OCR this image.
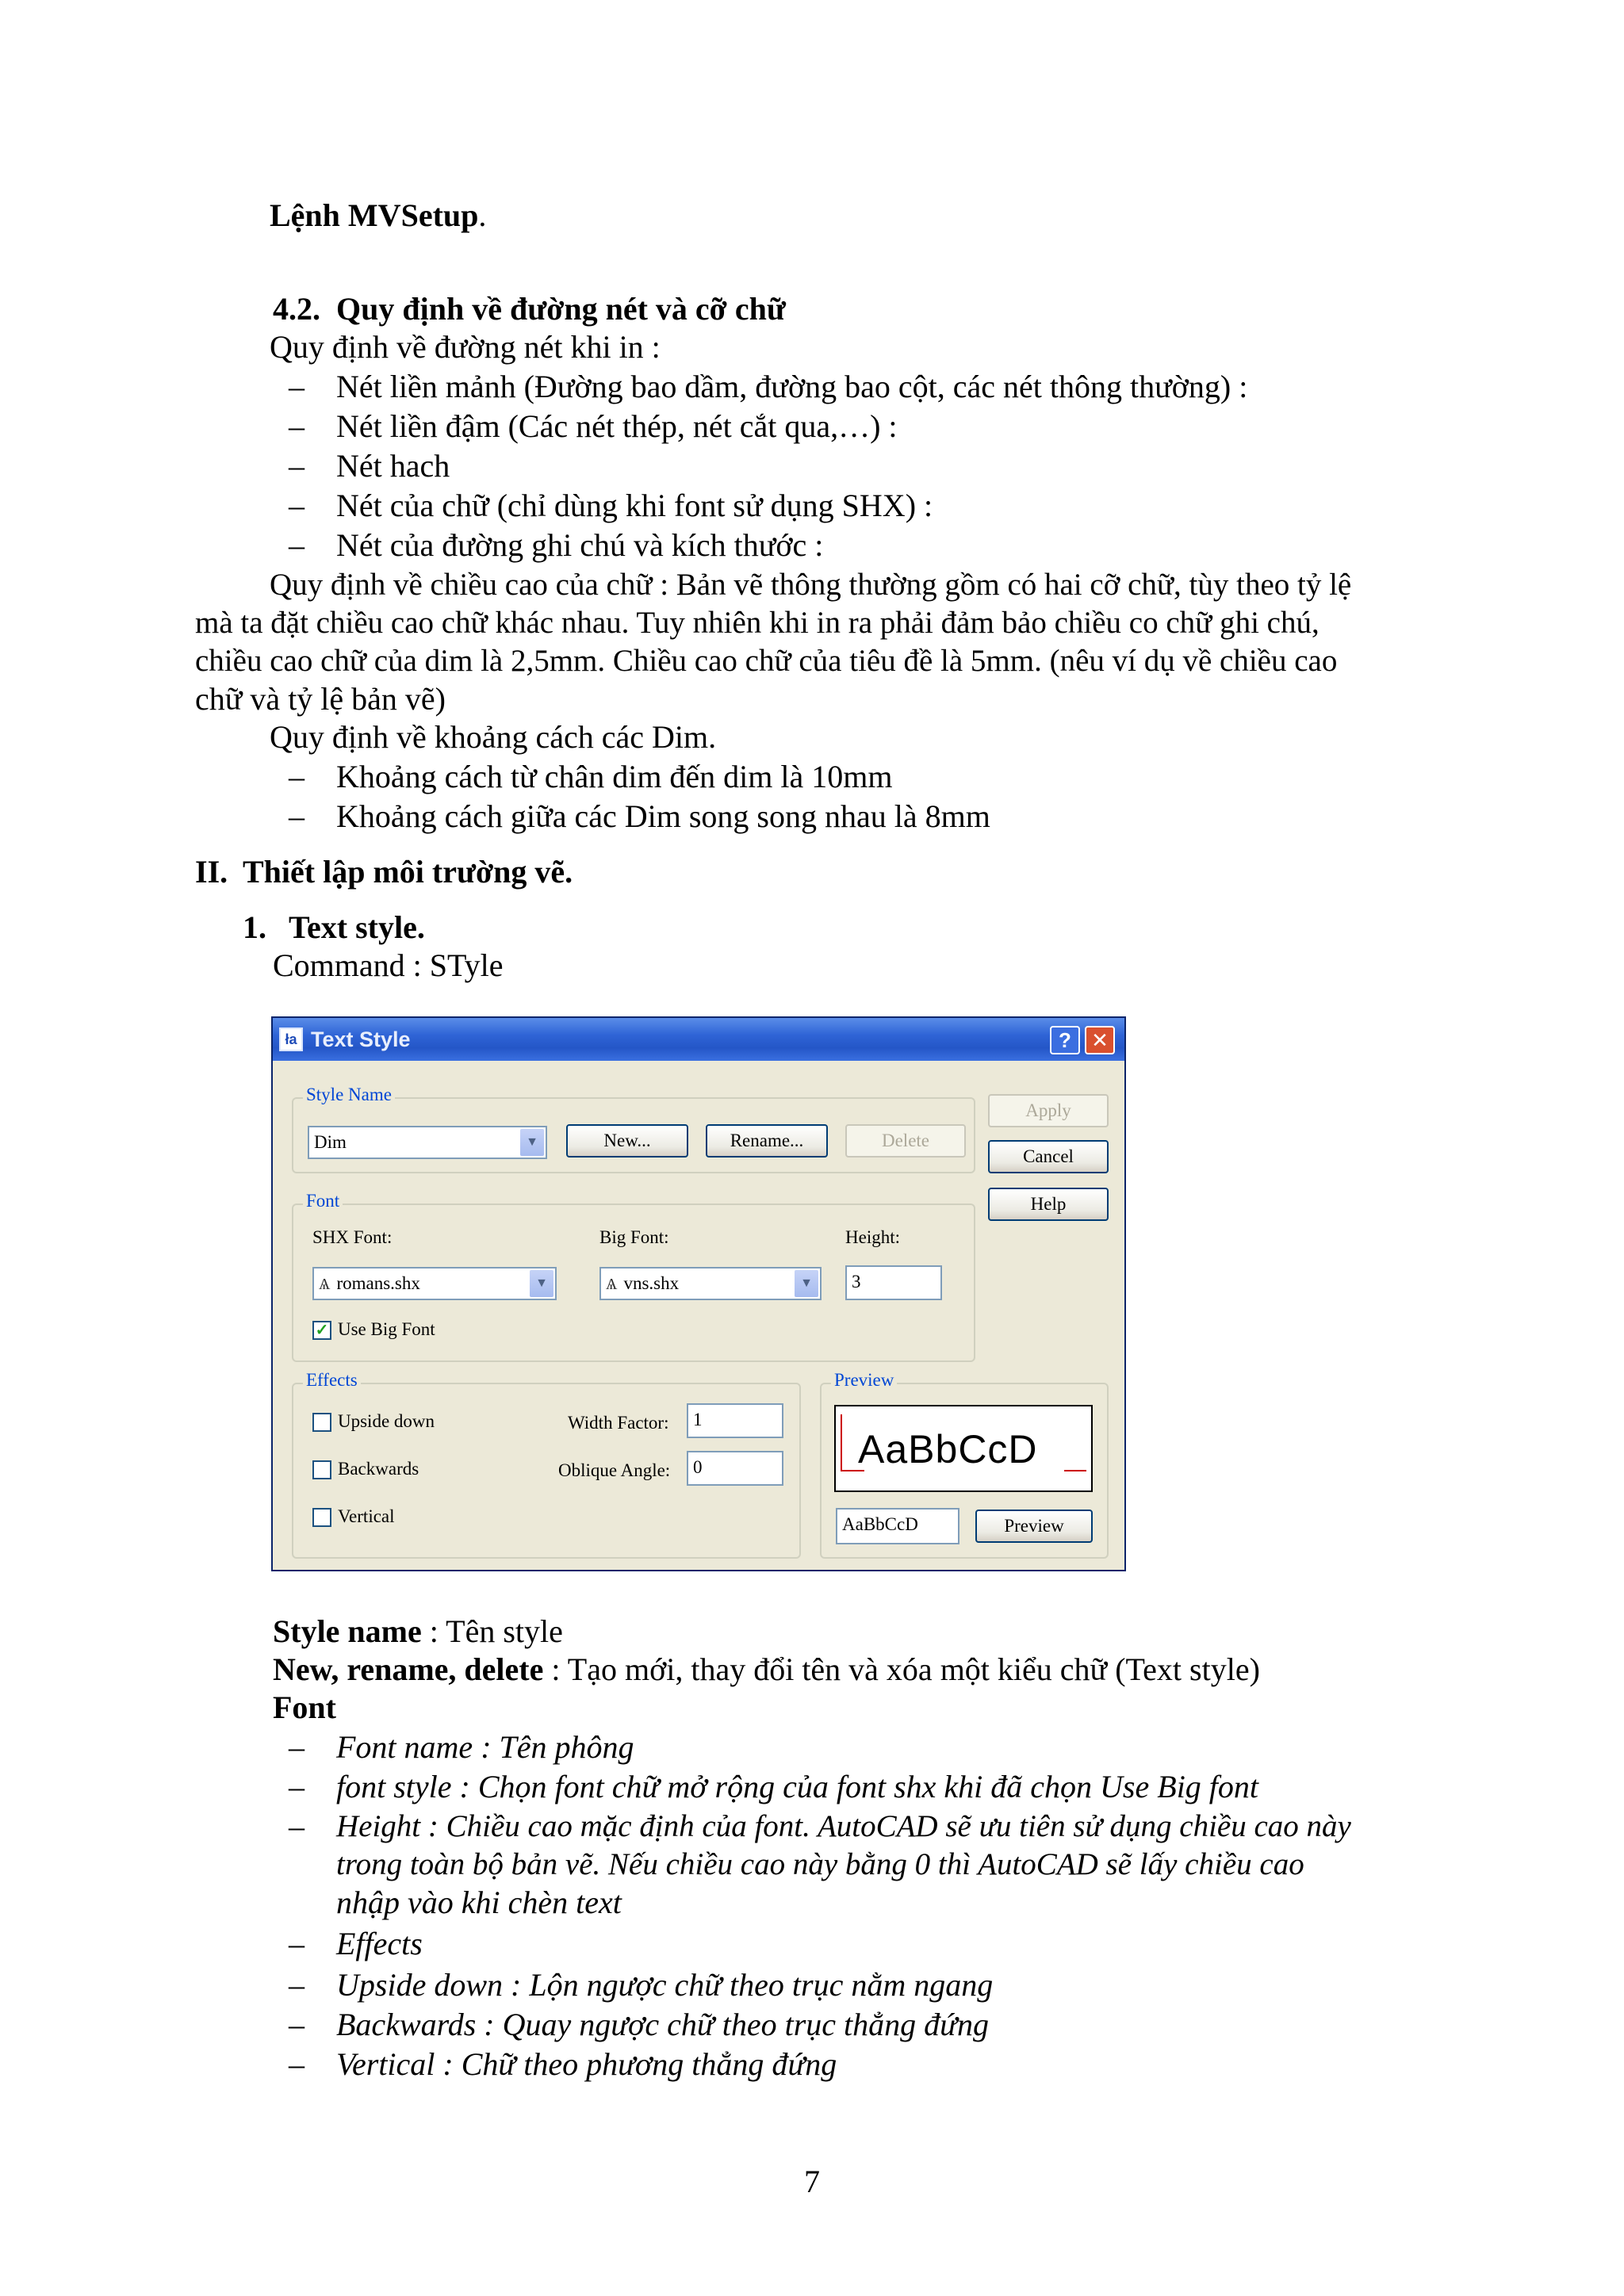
Lệnh MVSetup.
4.2. Quy định về đường nét và cỡ chữ
Quy định về đường nét khi in :
– Nét liền mảnh (Đường bao dầm, đường bao cột, các nét thông thường) :
– Nét liền đậm (Các nét thép, nét cắt qua,…) :
– Nét hach
– Nét của chữ (chỉ dùng khi font sử dụng SHX) :
– Nét của đường ghi chú và kích thước :
Quy định về chiều cao của chữ : Bản vẽ thông thường gồm có hai cỡ chữ, tùy theo tỷ lệ
mà ta đặt chiều cao chữ khác nhau. Tuy nhiên khi in ra phải đảm bảo chiều co chữ ghi chú,
chiều cao chữ của dim là 2,5mm. Chiều cao chữ của tiêu đề là 5mm. (nêu ví dụ về chiều cao
chữ và tỷ lệ bản vẽ)
Quy định về khoảng cách các Dim.
– Khoảng cách từ chân dim đến dim là 10mm
– Khoảng cách giữa các Dim song song nhau là 8mm
II. Thiết lập môi trường vẽ.
1. Text style.
Command : STyle
ła Text Style	? ✕
Style Name
Dim	▼	New...	Rename...	Delete
Apply
Cancel
Help
Font
SHX Font:
Ѧ romans.shx	▼
Big Font:
Ѧ vns.shx	▼
Height:
3
✓ Use Big Font
Effects
Upside down
Backwards
Vertical
Width Factor:	1
Oblique Angle:	0
Preview
AaBbCcD
AaBbCcD	Preview
Style name : Tên style
New, rename, delete : Tạo mới, thay đổi tên và xóa một kiểu chữ (Text style)
Font
– Font name : Tên phông
– font style : Chọn font chữ mở rộng của font shx khi đã chọn Use Big font
– Height : Chiều cao mặc định của font. AutoCAD sẽ ưu tiên sử dụng chiều cao này
trong toàn bộ bản vẽ. Nếu chiều cao này bằng 0 thì AutoCAD sẽ lấy chiều cao
nhập vào khi chèn text
– Effects
– Upside down : Lộn ngược chữ theo trục nằm ngang
– Backwards : Quay ngược chữ theo trục thẳng đứng
– Vertical : Chữ theo phương thẳng đứng
7
